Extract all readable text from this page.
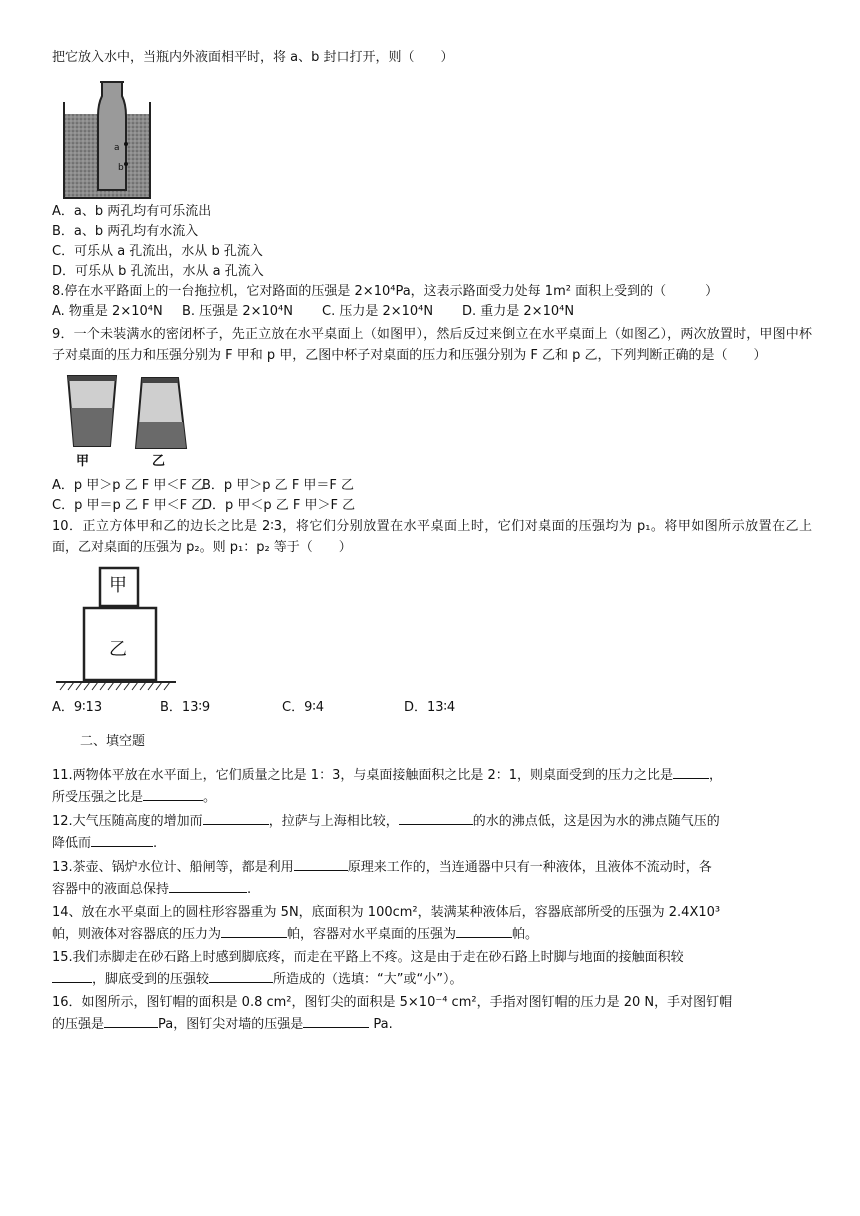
把它放入水中，当瓶内外液面相平时，将 a、b 封口打开，则（　　）
a
b
A．a、b 两孔均有可乐流出
B．a、b 两孔均有水流入
C．可乐从 a 孔流出，水从 b 孔流入
D．可乐从 b 孔流出，水从 a 孔流入
8.停在水平路面上的一台拖拉机，它对路面的压强是 2×10⁴Pa，这表示路面受力处每 1m² 面积上受到的（　　　）
A. 物重是 2×10⁴N B. 压强是 2×10⁴N C. 压力是 2×10⁴N D. 重力是 2×10⁴N
9．一个未装满水的密闭杯子，先正立放在水平桌面上（如图甲），然后反过来倒立在水平桌面上（如图乙），两次放置时，甲图中杯子对桌面的压力和压强分别为 F 甲和 p 甲，乙图中杯子对桌面的压力和压强分别为 F 乙和 p 乙，下列判断正确的是（　　）
甲	乙
A．p 甲＞p 乙 F 甲＜F 乙B．p 甲＞p 乙 F 甲＝F 乙
C．p 甲＝p 乙 F 甲＜F 乙D．p 甲＜p 乙 F 甲＞F 乙
10．正立方体甲和乙的边长之比是 2∶3，将它们分别放置在水平桌面上时，它们对桌面的压强均为 p₁。将甲如图所示放置在乙上面，乙对桌面的压强为 p₂。则 p₁：p₂ 等于（　　）
甲
乙
A．9∶13	B．13∶9	C．9∶4	D．13∶4
二、填空题
11.两物体平放在水平面上，它们质量之比是 1：3，与桌面接触面积之比是 2：1，则桌面受到的压力之比是	，
所受压强之比是	。
12.大气压随高度的增加而	，拉萨与上海相比较，	的水的沸点低，这是因为水的沸点随气压的
降低而	.
13.茶壶、锅炉水位计、船闸等，都是利用	原理来工作的，当连通器中只有一种液体，且液体不流动时，各
容器中的液面总保持	.
14、放在水平桌面上的圆柱形容器重为 5N，底面积为 100cm²，装满某种液体后，容器底部所受的压强为 2.4X10³
帕，则液体对容器底的压力为	帕，容器对水平桌面的压强为	帕。
15.我们赤脚走在砂石路上时感到脚底疼，而走在平路上不疼。这是由于走在砂石路上时脚与地面的接触面积较
，脚底受到的压强较	所造成的（选填：“大”或“小”）。
16．如图所示，图钉帽的面积是 0.8 cm²，图钉尖的面积是 5×10⁻⁴ cm²，手指对图钉帽的压力是 20 N，手对图钉帽
的压强是	Pa，图钉尖对墙的压强是	Pa.
